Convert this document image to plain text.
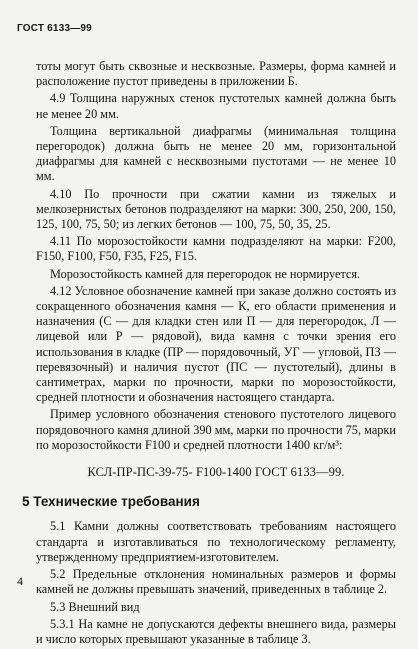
ГОСТ 6133—99

тоты могут быть сквозные и несквозные. Размеры, форма камней и расположение пустот приведены в приложении Б.

4.9 Толщина наружных стенок пустотелых камней должна быть не менее 20 мм.

Толщина вертикальной диафрагмы (минимальная толщина перегородок) должна быть не менее 20 мм, горизонтальной диафрагмы для камней с несквозными пустотами — не менее 10 мм.

4.10 По прочности при сжатии камни из тяжелых и мелкозернистых бетонов подразделяют на марки: 300, 250, 200, 150, 125, 100, 75, 50; из легких бетонов — 100, 75, 50, 35, 25.

4.11 По морозостойкости камни подразделяют на марки: F200, F150, F100, F50, F35, F25, F15.

Морозостойкость камней для перегородок не нормируется.

4.12 Условное обозначение камней при заказе должно состоять из сокращенного обозначения камня — К, его области применения и назначения (С — для кладки стен или П — для перегородок, Л — лицевой или Р — рядовой), вида камня с точки зрения его использования в кладке (ПР — порядовочный, УГ — угловой, ПЗ — перевязочный) и наличия пустот (ПС — пустотелый), длины в сантиметрах, марки по прочности, марки по морозостойкости, средней плотности и обозначения настоящего стандарта.

Пример условного обозначения стенового пустотелого лицевого порядовочного камня длиной 390 мм, марки по прочности 75, марки по морозостойкости F100 и средней плотности 1400 кг/м³:

КСЛ-ПР-ПС-39-75- F100-1400 ГОСТ 6133—99.
5 Технические требования

5.1 Камни должны соответствовать требованиям настоящего стандарта и изготавливаться по технологическому регламенту, утвержденному предприятием-изготовителем.

5.2 Предельные отклонения номинальных размеров и формы камней не должны превышать значений, приведенных в таблице 2.

5.3 Внешний вид

5.3.1 На камне не допускаются дефекты внешнего вида, размеры и число которых превышают указанные в таблице 3.

4
